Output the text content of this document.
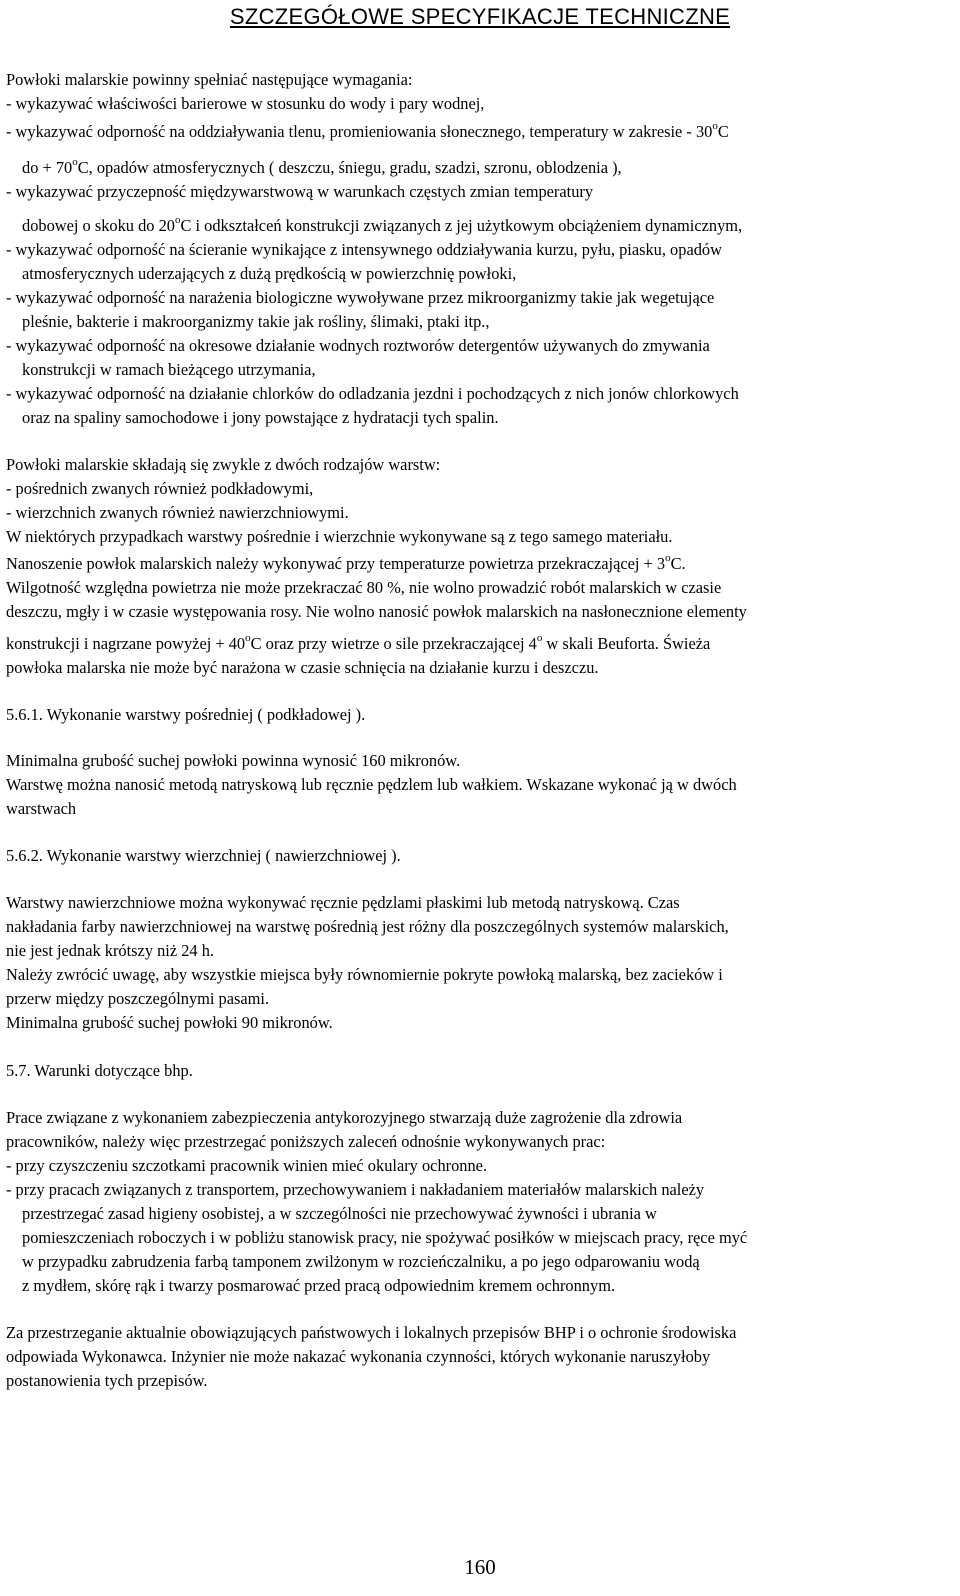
SZCZEGÓŁOWE SPECYFIKACJE TECHNICZNE
Powłoki malarskie powinny spełniać następujące wymagania:
- wykazywać właściwości barierowe w stosunku do wody i pary wodnej,
- wykazywać odporność na oddziaływania tlenu, promieniowania słonecznego, temperatury w zakresie - 30$^o$C
do + $70^oC$, opadów atmosferycznych ( deszczu, śniegu, gradu, szadzi, szronu, oblodzenia ),
- wykazywać przyczepność międzywarstwową w warunkach częstych zmian temperatury
dobowej o skoku do 20$^o$C i odkształceń konstrukcji związanych z jej użytkowym obciążeniem dynamicznym,
- wykazywać odporność na ścieranie wynikające z intensywnego oddziaływania kurzu, pyłu, piasku, opadów
atmosferycznych uderzających z dużą prędkością w powierzchnię powłoki,
- wykazywać odporność na narażenia biologiczne wywoływane przez mikroorganizmy takie jak wegetujące
pleśnie, bakterie i makroorganizmy takie jak rośliny, ślimaki, ptaki itp.,
- wykazywać odporność na okresowe działanie wodnych roztworów detergentów używanych do zmywania
konstrukcji w ramach bieżącego utrzymania,
- wykazywać odporność na działanie chlorków do odladzania jezdni i pochodzących z nich jonów chlorkowych
oraz na spaliny samochodowe i jony powstające z hydratacji tych spalin.
Powłoki malarskie składają się zwykle z dwóch rodzajów warstw:
- pośrednich zwanych również podkładowymi,
- wierzchnich zwanych również nawierzchniowymi.
W niektórych przypadkach warstwy pośrednie i wierzchnie wykonywane są z tego samego materiału.
Nanoszenie powłok malarskich należy wykonywać przy temperaturze powietrza przekraczającej + $3^oC$.
Wilgotność względna powietrza nie może przekraczać 80 %, nie wolno prowadzić robót malarskich w czasie
deszczu, mgły i w czasie występowania rosy. Nie wolno nanosić powłok malarskich na nasłonecznione elementy
konstrukcji i nagrzane powyżej + $40^oC$ oraz przy wietrze o sile przekraczającej 4$^o$ w skali Beuforta. Świeża
powłoka malarska nie może być narażona w czasie schnięcia na działanie kurzu i deszczu.
5.6.1. Wykonanie warstwy pośredniej ( podkładowej ).
Minimalna grubość suchej powłoki powinna wynosić 160 mikronów.
Warstwę można nanosić metodą natryskową lub ręcznie pędzlem lub wałkiem. Wskazane wykonać ją w dwóch
warstwach
5.6.2. Wykonanie warstwy wierzchniej ( nawierzchniowej ).
Warstwy nawierzchniowe można wykonywać ręcznie pędzlami płaskimi lub metodą natryskową. Czas
nakładania farby nawierzchniowej na warstwę pośrednią jest różny dla poszczególnych systemów malarskich,
nie jest jednak krótszy niż 24 h.
Należy zwrócić uwagę, aby wszystkie miejsca były równomiernie pokryte powłoką malarską, bez zacieków i
przerw między poszczególnymi pasami.
Minimalna grubość suchej powłoki 90 mikronów.
5.7. Warunki dotyczące bhp.
Prace związane z wykonaniem zabezpieczenia antykorozyjnego stwarzają duże zagrożenie dla zdrowia
pracowników, należy więc przestrzegać poniższych zaleceń odnośnie wykonywanych prac:
- przy czyszczeniu szczotkami pracownik winien mieć okulary ochronne.
- przy pracach związanych z transportem, przechowywaniem i nakładaniem materiałów malarskich należy
przestrzegać zasad higieny osobistej, a w szczególności nie przechowywać żywności i ubrania w
pomieszczeniach roboczych i w pobliżu stanowisk pracy, nie spożywać posiłków w miejscach pracy, ręce myć
w przypadku zabrudzenia farbą tamponem zwilżonym w rozcieńczalniku, a po jego odparowaniu wodą
z mydłem, skórę rąk i twarzy posmarować przed pracą odpowiednim kremem ochronnym.
Za przestrzeganie aktualnie obowiązujących państwowych i lokalnych przepisów BHP i o ochronie środowiska
odpowiada Wykonawca. Inżynier nie może nakazać wykonania czynności, których wykonanie naruszyłoby
postanowienia tych przepisów.
160
